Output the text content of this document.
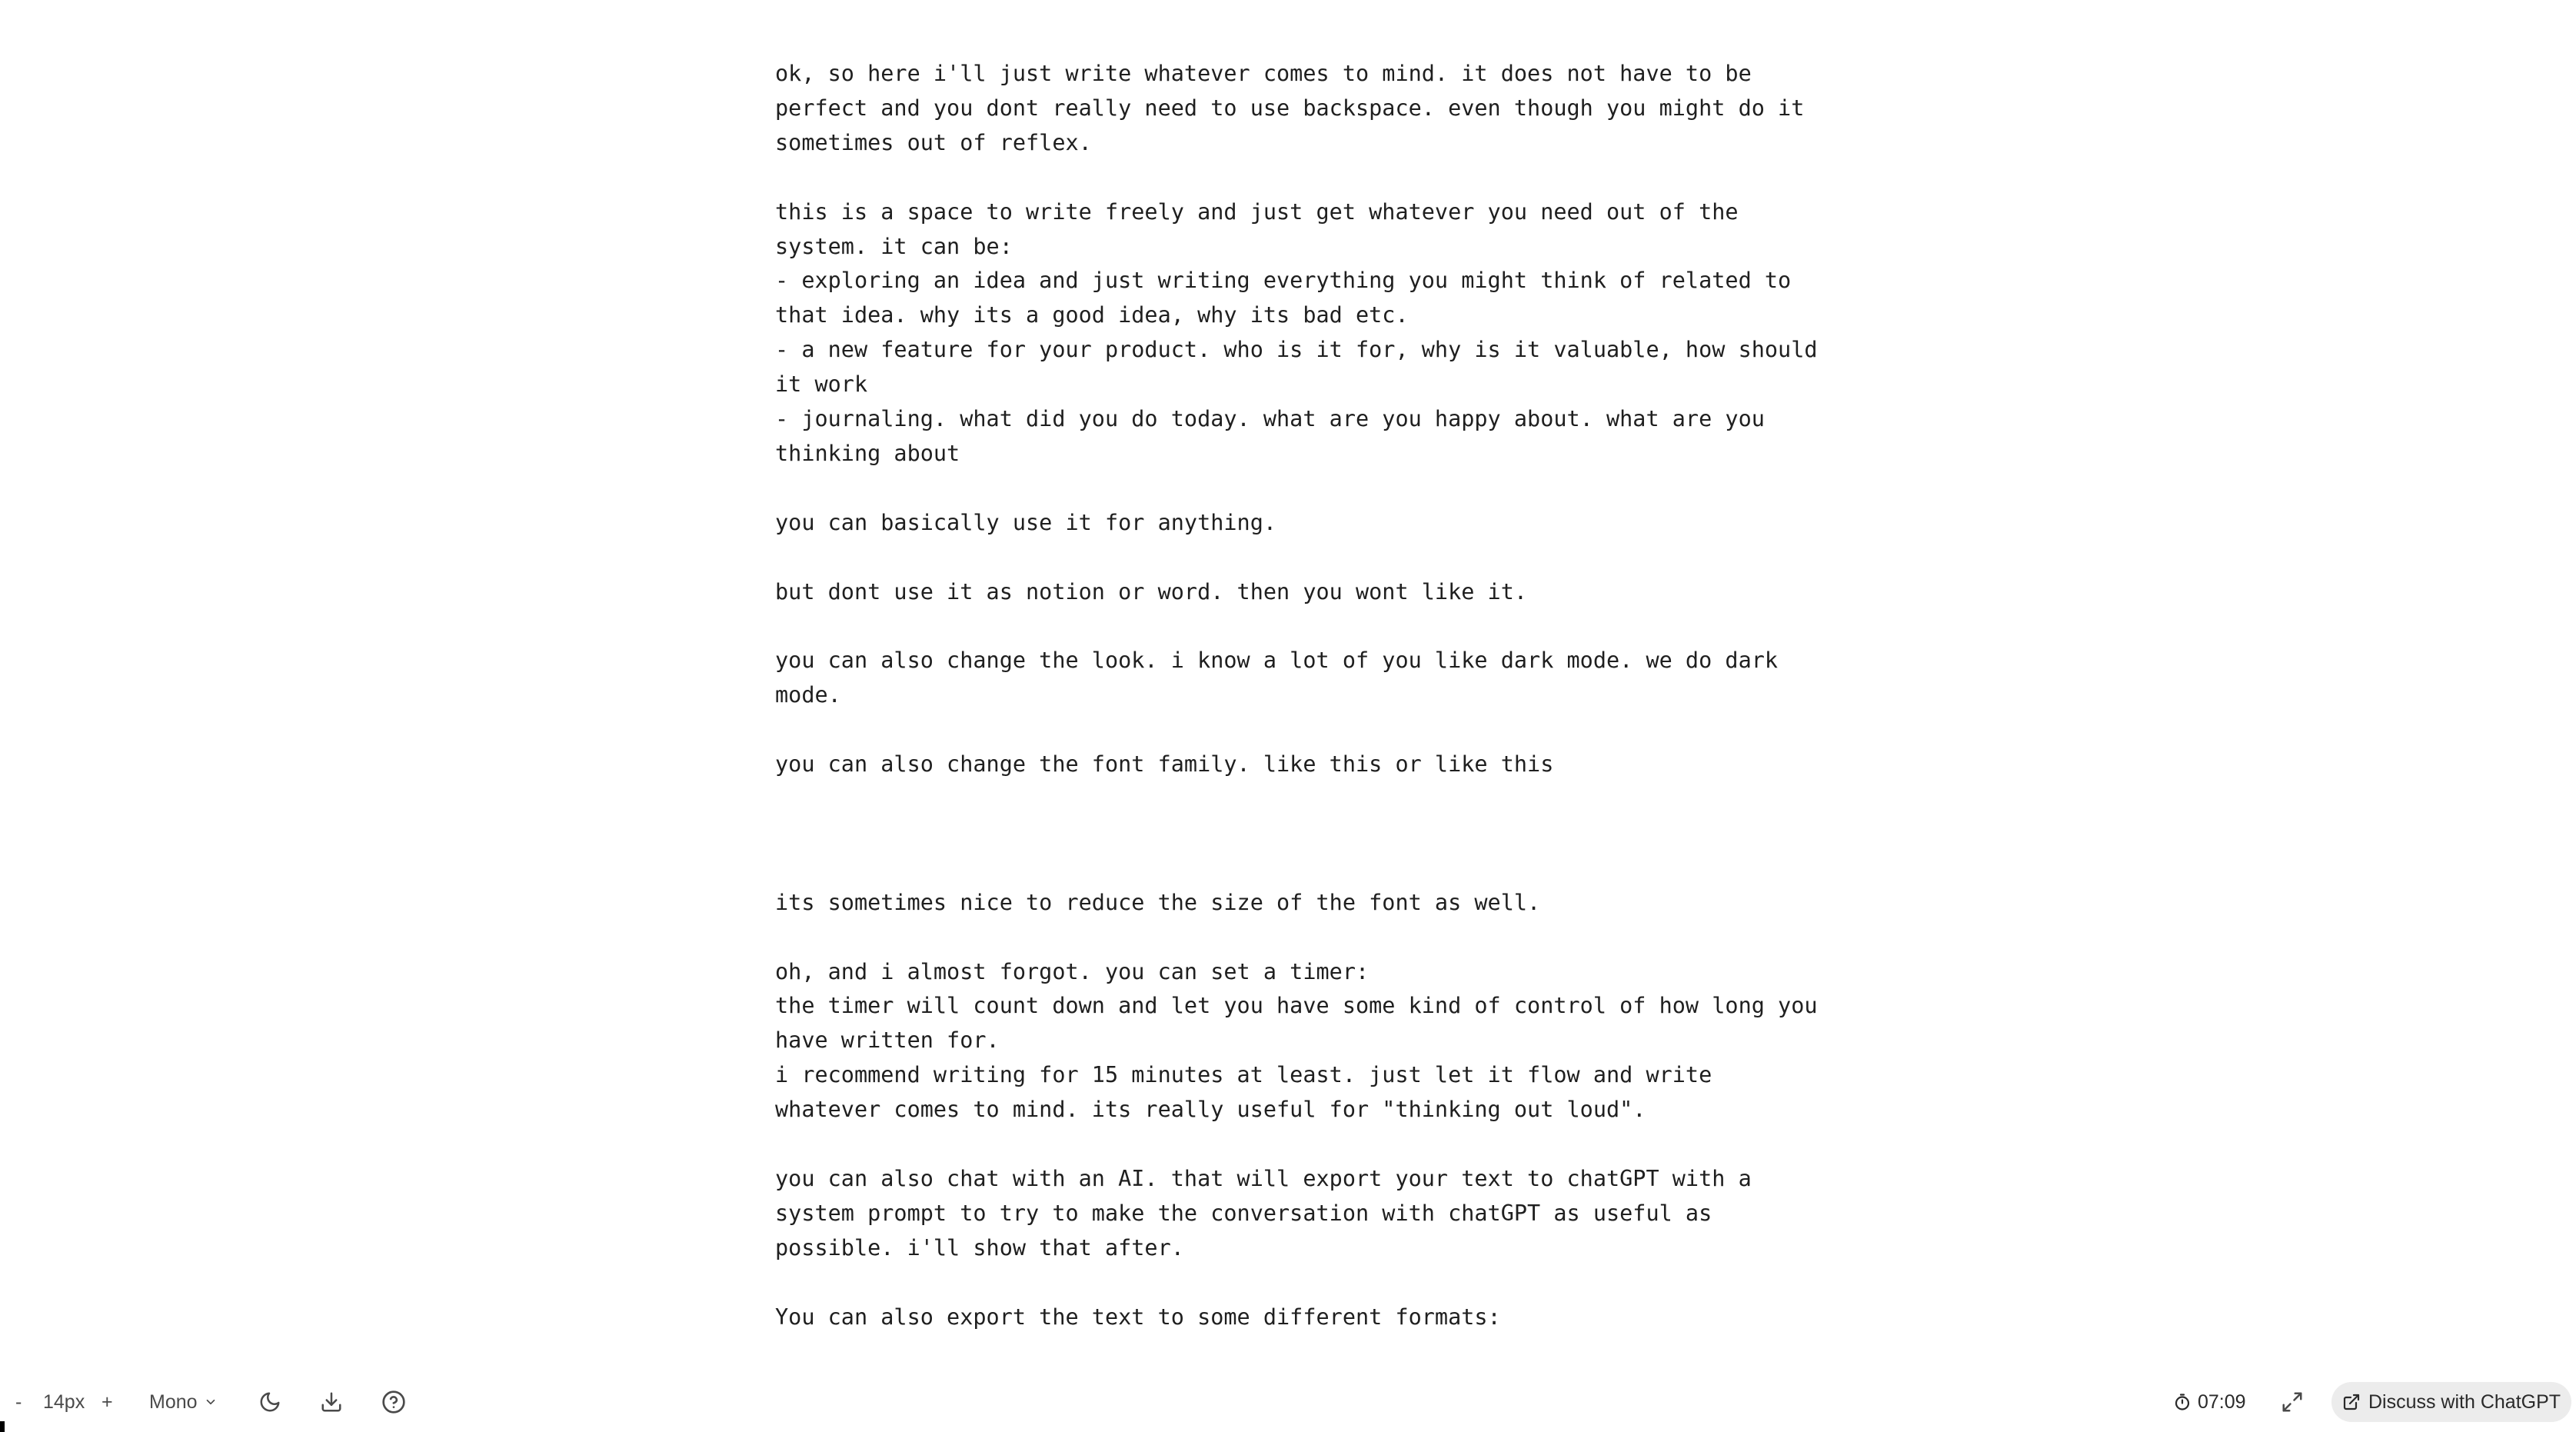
ok, so here i'll just write whatever comes to mind. it does not have to be
perfect and you dont really need to use backspace. even though you might do it
sometimes out of reflex.

this is a space to write freely and just get whatever you need out of the
system. it can be:
- exploring an idea and just writing everything you might think of related to
that idea. why its a good idea, why its bad etc.
- a new feature for your product. who is it for, why is it valuable, how should
it work
- journaling. what did you do today. what are you happy about. what are you
thinking about

you can basically use it for anything.

but dont use it as notion or word. then you wont like it.

you can also change the look. i know a lot of you like dark mode. we do dark
mode.

you can also change the font family. like this or like this

its sometimes nice to reduce the size of the font as well.

oh, and i almost forgot. you can set a timer:
the timer will count down and let you have some kind of control of how long you
have written for.
i recommend writing for 15 minutes at least. just let it flow and write
whatever comes to mind. its really useful for "thinking out loud".

you can also chat with an AI. that will export your text to chatGPT with a
system prompt to try to make the conversation with chatGPT as useful as
possible. i'll show that after.

You can also export the text to some different formats:
- 14px + Mono	07:09	Discuss with ChatGPT
